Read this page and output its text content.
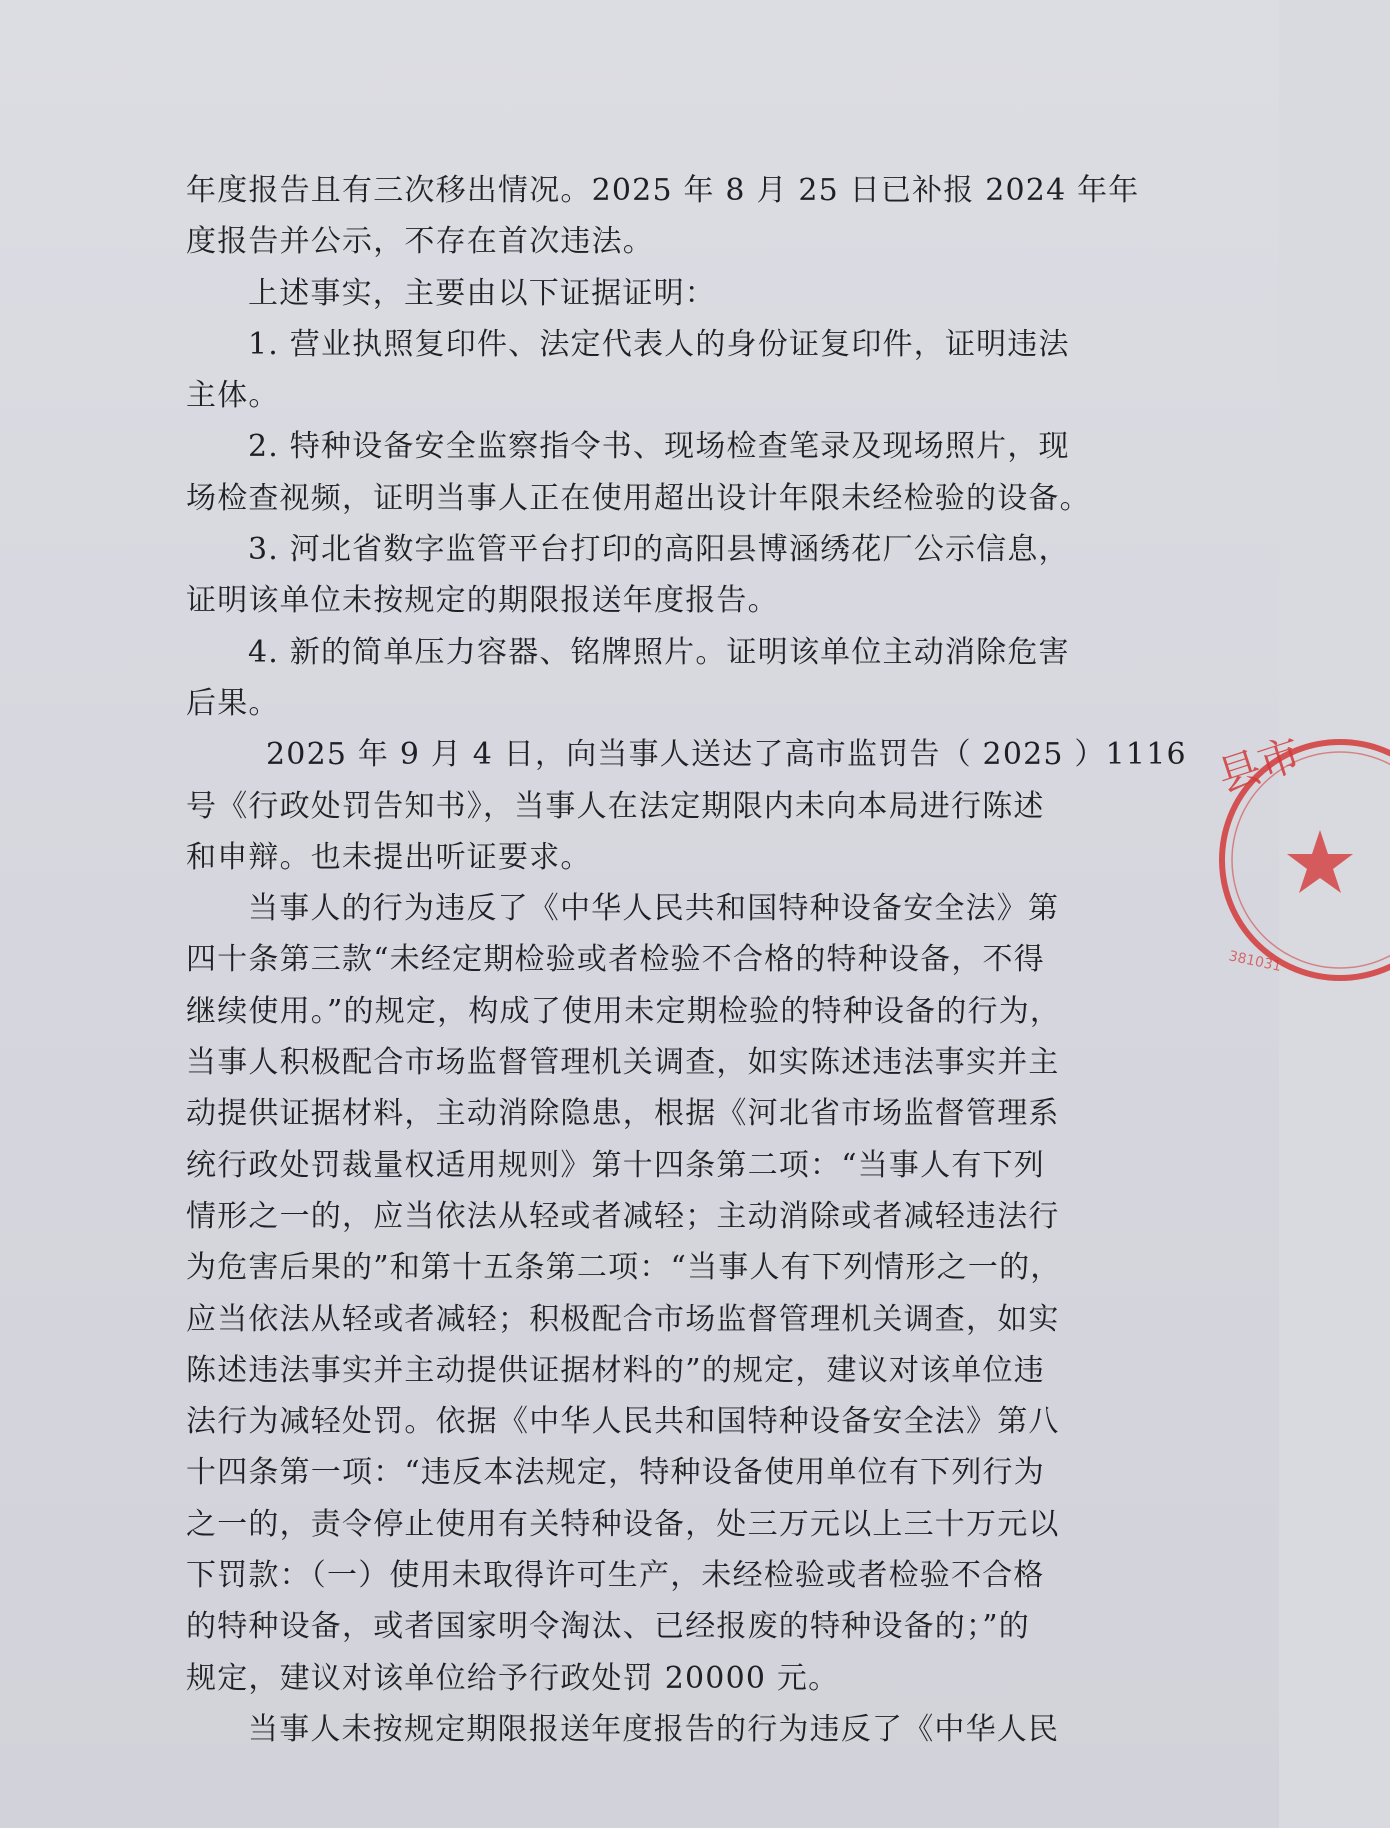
年度报告且有三次移出情况。2025 年 8 月 25 日已补报 2024 年年
度报告并公示，不存在首次违法。
上述事实，主要由以下证据证明：
1. 营业执照复印件、法定代表人的身份证复印件，证明违法
主体。
2. 特种设备安全监察指令书、现场检查笔录及现场照片，现
场检查视频，证明当事人正在使用超出设计年限未经检验的设备。
3. 河北省数字监管平台打印的高阳县博涵绣花厂公示信息，
证明该单位未按规定的期限报送年度报告。
4. 新的简单压力容器、铭牌照片。证明该单位主动消除危害
后果。
2025 年 9 月 4 日，向当事人送达了高市监罚告（ 2025 ）1116
号《行政处罚告知书》，当事人在法定期限内未向本局进行陈述
和申辩。也未提出听证要求。
当事人的行为违反了《中华人民共和国特种设备安全法》第
四十条第三款“未经定期检验或者检验不合格的特种设备，不得
继续使用。”的规定，构成了使用未定期检验的特种设备的行为，
当事人积极配合市场监督管理机关调查，如实陈述违法事实并主
动提供证据材料，主动消除隐患，根据《河北省市场监督管理系
统行政处罚裁量权适用规则》第十四条第二项：“当事人有下列
情形之一的，应当依法从轻或者减轻；主动消除或者减轻违法行
为危害后果的”和第十五条第二项：“当事人有下列情形之一的，
应当依法从轻或者减轻；积极配合市场监督管理机关调查，如实
陈述违法事实并主动提供证据材料的”的规定，建议对该单位违
法行为减轻处罚。依据《中华人民共和国特种设备安全法》第八
十四条第一项：“违反本法规定，特种设备使用单位有下列行为
之一的，责令停止使用有关特种设备，处三万元以上三十万元以
下罚款：（一）使用未取得许可生产，未经检验或者检验不合格
的特种设备，或者国家明令淘汰、已经报废的特种设备的；”的
规定，建议对该单位给予行政处罚 20000 元。
当事人未按规定期限报送年度报告的行为违反了《中华人民
县市
381031
